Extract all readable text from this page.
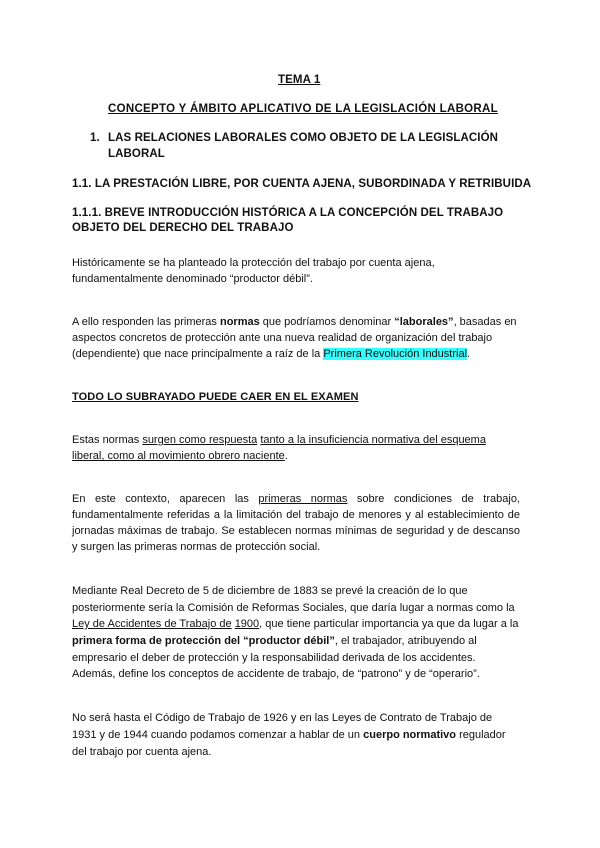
TEMA 1
CONCEPTO Y ÁMBITO APLICATIVO DE LA LEGISLACIÓN LABORAL
1. LAS RELACIONES LABORALES COMO OBJETO DE LA LEGISLACIÓN
LABORAL
1.1. LA PRESTACIÓN LIBRE, POR CUENTA AJENA, SUBORDINADA Y RETRIBUIDA
1.1.1. BREVE INTRODUCCIÓN HISTÓRICA A LA CONCEPCIÓN DEL TRABAJO
OBJETO DEL DERECHO DEL TRABAJO
Históricamente se ha planteado la protección del trabajo por cuenta ajena,
fundamentalmente denominado “productor débil”.
A ello responden las primeras normas que podríamos denominar “laborales”, basadas en
aspectos concretos de protección ante una nueva realidad de organización del trabajo
(dependiente) que nace principalmente a raíz de la Primera Revolución Industrial.
TODO LO SUBRAYADO PUEDE CAER EN EL EXAMEN
Estas normas surgen como respuesta tanto a la insuficiencia normativa del esquema
liberal, como al movimiento obrero naciente.
En este contexto, aparecen las primeras normas sobre condiciones de trabajo,
fundamentalmente referidas a la limitación del trabajo de menores y al establecimiento de
jornadas máximas de trabajo. Se establecen normas mínimas de seguridad y de descanso
y surgen las primeras normas de protección social.
Mediante Real Decreto de 5 de diciembre de 1883 se prevé la creación de lo que
posteriormente sería la Comisión de Reformas Sociales, que daría lugar a normas como la
Ley de Accidentes de Trabajo de 1900, que tiene particular importancia ya que da lugar a la
primera forma de protección del “productor débil”, el trabajador, atribuyendo al
empresario el deber de protección y la responsabilidad derivada de los accidentes.
Además, define los conceptos de accidente de trabajo, de “patrono” y de “operario”.
No será hasta el Código de Trabajo de 1926 y en las Leyes de Contrato de Trabajo de
1931 y de 1944 cuando podamos comenzar a hablar de un cuerpo normativo regulador
del trabajo por cuenta ajena.
